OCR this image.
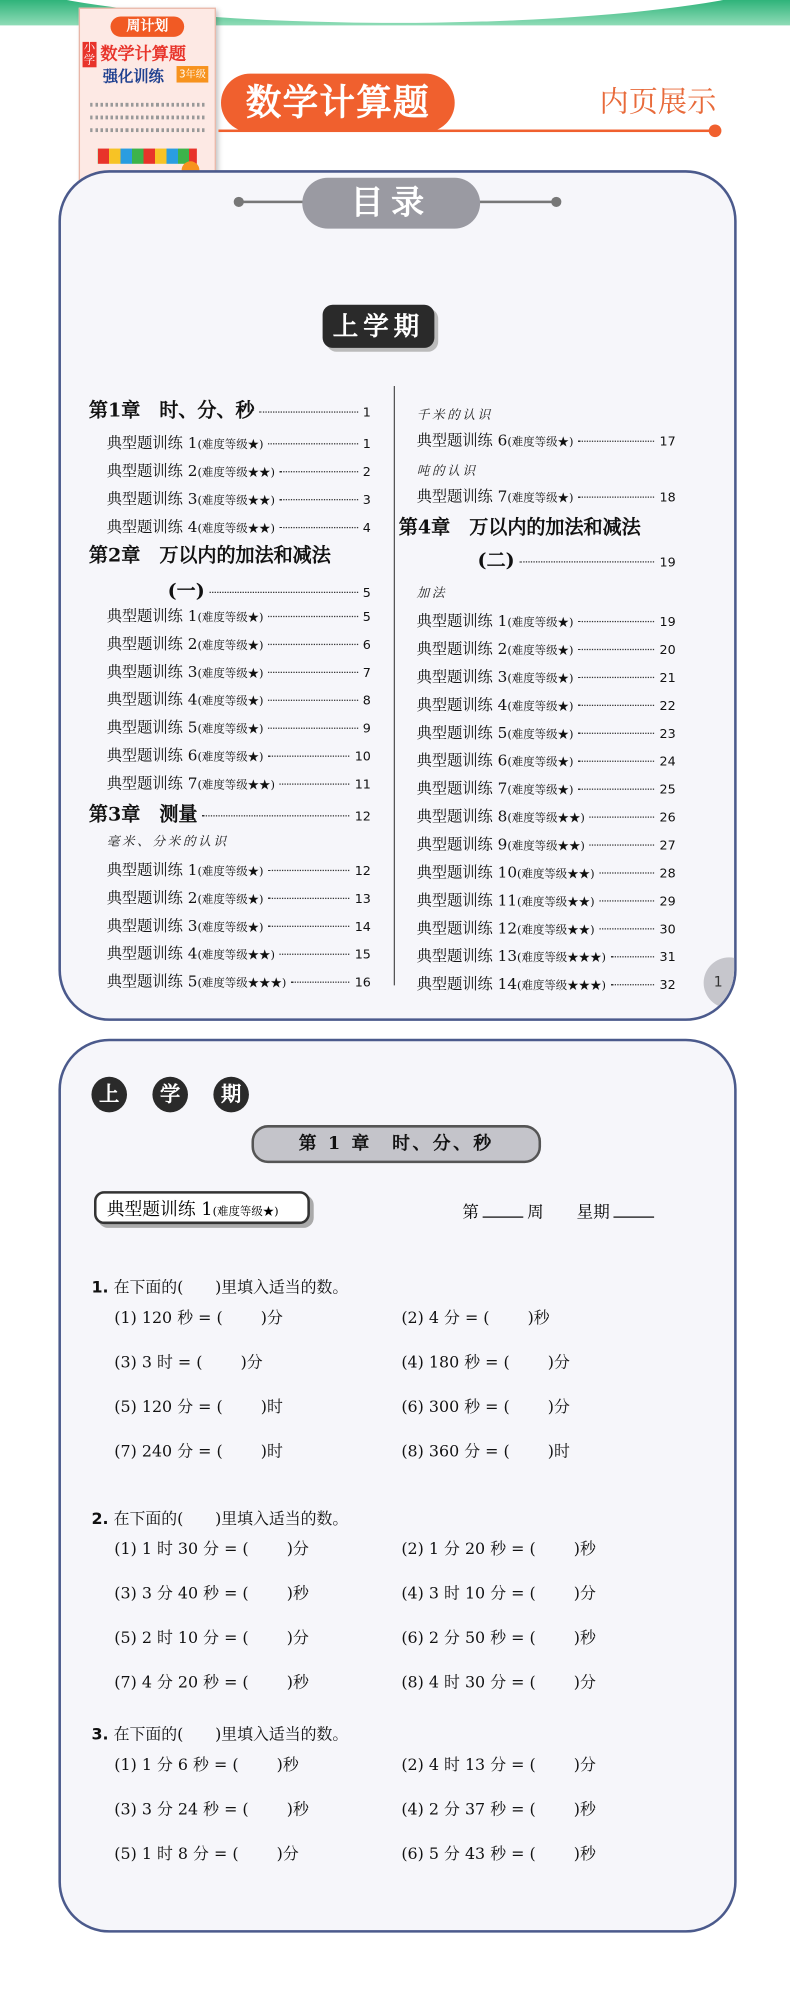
周计划
小学 数学计算题
强化训练	3年级
数学计算题	内页展示
目录
上学期
第1章　时、分、秒	1
典型题训练 1 (难度等级★)	1
典型题训练 2 (难度等级★★)	2
典型题训练 3 (难度等级★★)	3
典型题训练 4 (难度等级★★)	4
第2章　万以内的加法和减法
(一)	5
典型题训练 1 (难度等级★)	5
典型题训练 2 (难度等级★)	6
典型题训练 3 (难度等级★)	7
典型题训练 4 (难度等级★)	8
典型题训练 5 (难度等级★)	9
典型题训练 6 (难度等级★)	10
典型题训练 7 (难度等级★★)	11
第3章　测量	12
毫米、分米的认识
典型题训练 1 (难度等级★)	12
典型题训练 2 (难度等级★)	13
典型题训练 3 (难度等级★)	14
典型题训练 4 (难度等级★★)	15
典型题训练 5 (难度等级★★★)	16
千米的认识
典型题训练 6 (难度等级★)	17
吨的认识
典型题训练 7 (难度等级★)	18
第4章　万以内的加法和减法
(二)	19
加法
典型题训练 1 (难度等级★)	19
典型题训练 2 (难度等级★)	20
典型题训练 3 (难度等级★)	21
典型题训练 4 (难度等级★)	22
典型题训练 5 (难度等级★)	23
典型题训练 6 (难度等级★)	24
典型题训练 7 (难度等级★)	25
典型题训练 8 (难度等级★★)	26
典型题训练 9 (难度等级★★)	27
典型题训练 10 (难度等级★★)	28
典型题训练 11 (难度等级★★)	29
典型题训练 12 (难度等级★★)	30
典型题训练 13 (难度等级★★★)	31
典型题训练 14 (难度等级★★★)	32	1
上	学	期
第 1 章　时、分、秒
典型题训练 1(难度等级★)	第	周　　	星期
1. 在下面的(　　)里填入适当的数。
(1) 120 秒 = (	)分	(2) 4 分 = (	)秒
(3) 3 时 = (	)分	(4) 180 秒 = (	)分
(5) 120 分 = (	)时	(6) 300 秒 = (	)分
(7) 240 分 = (	)时	(8) 360 分 = (	)时
2. 在下面的(　　)里填入适当的数。
(1) 1 时 30 分 = (	)分	(2) 1 分 20 秒 = (	)秒
(3) 3 分 40 秒 = (	)秒	(4) 3 时 10 分 = (	)分
(5) 2 时 10 分 = (	)分	(6) 2 分 50 秒 = (	)秒
(7) 4 分 20 秒 = (	)秒	(8) 4 时 30 分 = (	)分
3. 在下面的(　　)里填入适当的数。
(1) 1 分 6 秒 = (	)秒	(2) 4 时 13 分 = (	)分
(3) 3 分 24 秒 = (	)秒	(4) 2 分 37 秒 = (	)秒
(5) 1 时 8 分 = (	)分	(6) 5 分 43 秒 = (	)秒
